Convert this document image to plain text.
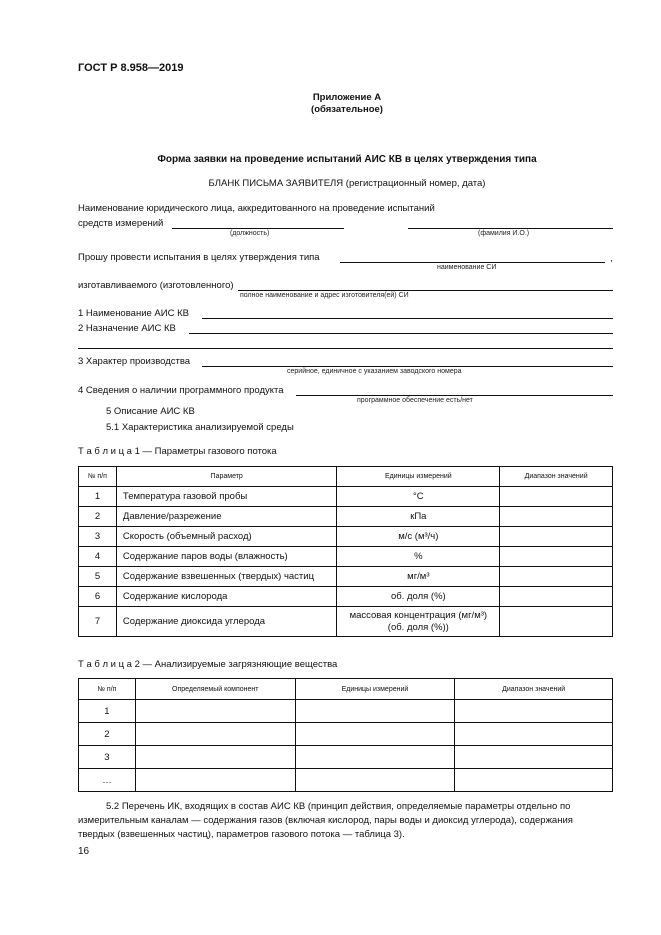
ГОСТ Р 8.958—2019
Приложение А
(обязательное)
Форма заявки на проведение испытаний АИС КВ в целях утверждения типа
БЛАНК ПИСЬМА ЗАЯВИТЕЛЯ (регистрационный номер, дата)
Наименование юридического лица, аккредитованного на проведение испытаний
средств измерений
(должность)	(фамилия И.О.)
Прошу провести испытания в целях утверждения типа	,
наименование СИ
изготавливаемого (изготовленного)
полное наименование и адрес изготовителя(ей) СИ
1 Наименование АИС КВ
2 Назначение АИС КВ
3 Характер производства
серийное, единичное с указанием заводского номера
4 Сведения о наличии программного продукта
программное обеспечение есть/нет
5 Описание АИС КВ
5.1 Характеристика анализируемой среды
Т а б л и ц а 1 — Параметры газового потока
№ п/п	Параметр	Единицы измерений	Диапазон значений
1	Температура газовой пробы	°C	
2	Давление/разрежение	кПа	
3	Скорость (объемный расход)	м/с (м³/ч)	
4	Содержание паров воды (влажность)	%	
5	Содержание взвешенных (твердых) частиц	мг/м³	
6	Содержание кислорода	об. доля (%)	
7	Содержание диоксида углерода	массовая концентрация (мг/м³)
(об. доля (%))	

Т а б л и ц а 2 — Анализируемые загрязняющие вещества
№ п/п	Определяемый компонент	Единицы измерений	Диапазон значений
1			
2			
3			
…			
5.2 Перечень ИК, входящих в состав АИС КВ (принцип действия, определяемые параметры отдельно по
измерительным каналам — содержания газов (включая кислород, пары воды и диоксид углерода), содержания
твердых (взвешенных частиц), параметров газового потока — таблица 3).
16
